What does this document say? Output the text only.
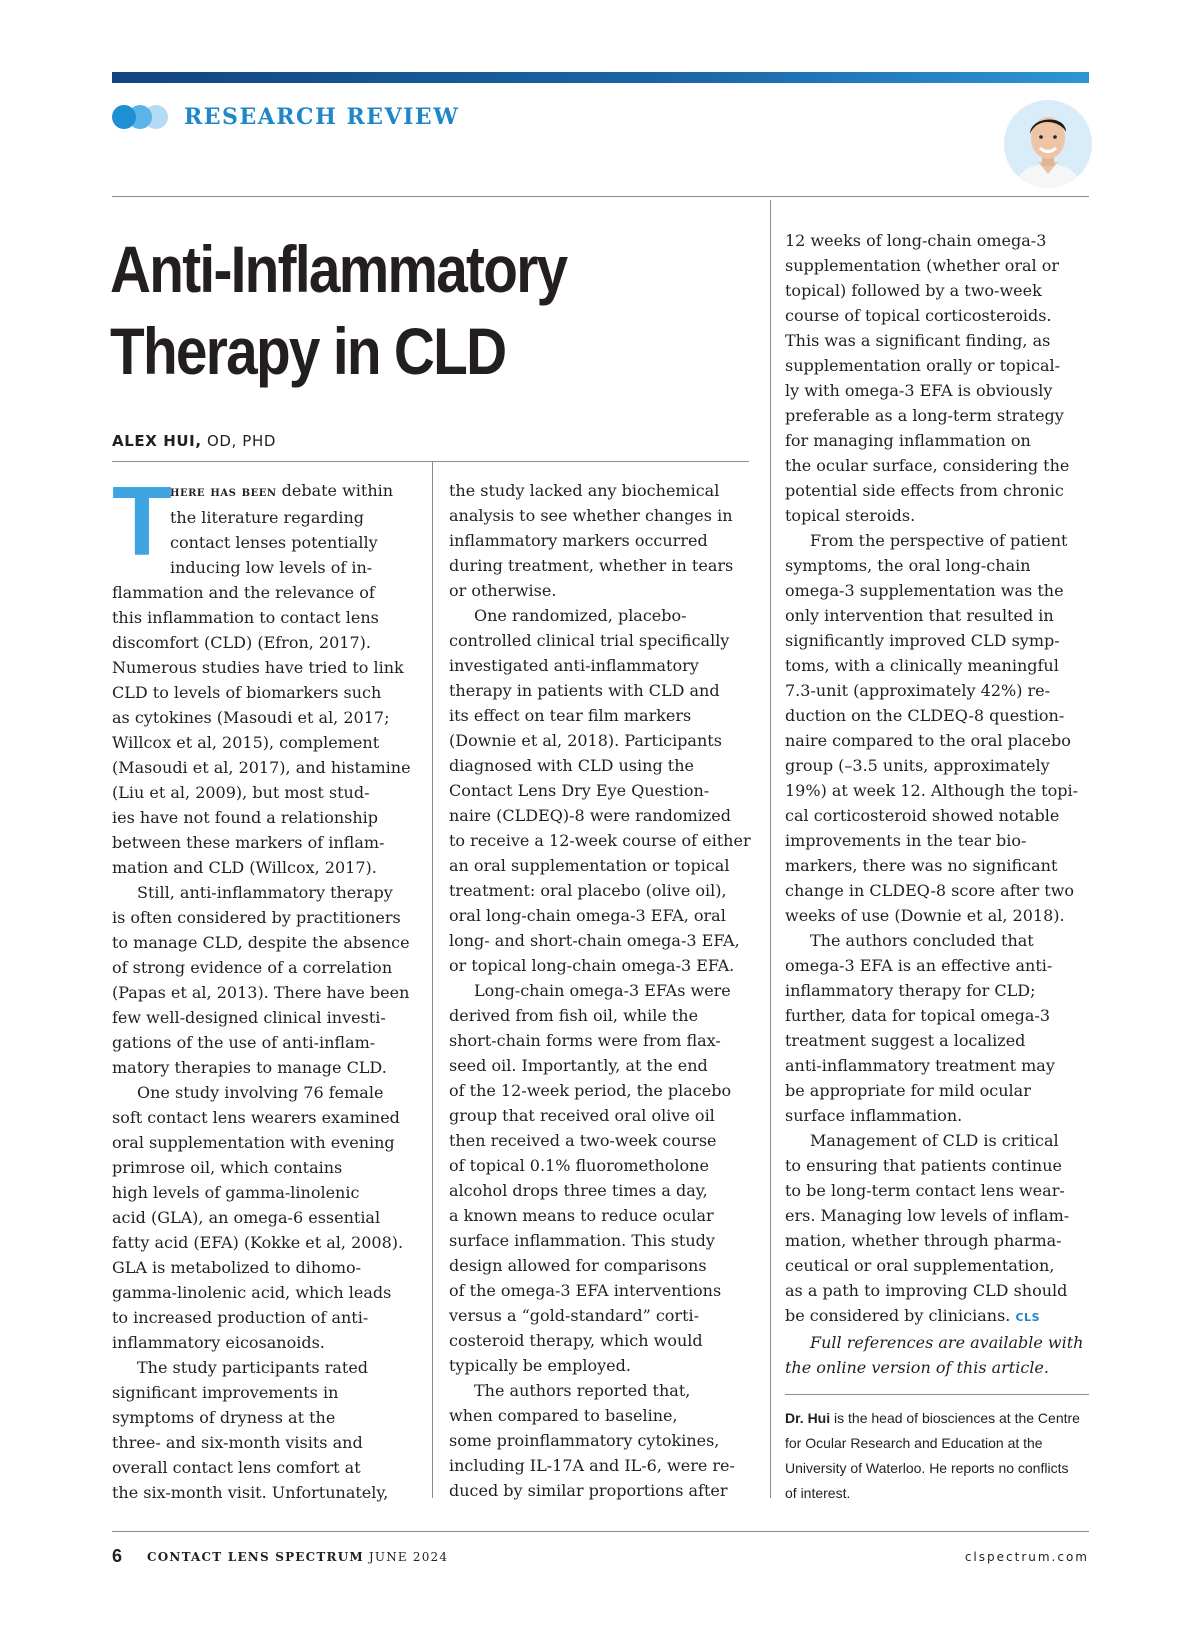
RESEARCH REVIEW
Anti-Inflammatory
Therapy in CLD
ALEX HUI, OD, PHD

T
here has been debate within
the literature regarding
contact lenses potentially
inducing low levels of in-
flammation and the relevance of
this inflammation to contact lens
discomfort (CLD) (Efron, 2017).
Numerous studies have tried to link
CLD to levels of biomarkers such
as cytokines (Masoudi et al, 2017;
Willcox et al, 2015), complement
(Masoudi et al, 2017), and histamine
(Liu et al, 2009), but most stud-
ies have not found a relationship
between these markers of inflam-
mation and CLD (Willcox, 2017).

Still, anti-inflammatory therapy
is often considered by practitioners
to manage CLD, despite the absence
of strong evidence of a correlation
(Papas et al, 2013). There have been
few well-designed clinical investi-
gations of the use of anti-inflam-
matory therapies to manage CLD.

One study involving 76 female
soft contact lens wearers examined
oral supplementation with evening
primrose oil, which contains
high levels of gamma-linolenic
acid (GLA), an omega-6 essential
fatty acid (EFA) (Kokke et al, 2008).
GLA is metabolized to dihomo-
gamma-linolenic acid, which leads
to increased production of anti-
inflammatory eicosanoids.

The study participants rated
significant improvements in
symptoms of dryness at the
three- and six-month visits and
overall contact lens comfort at
the six-month visit. Unfortunately,

the study lacked any biochemical
analysis to see whether changes in
inflammatory markers occurred
during treatment, whether in tears
or otherwise.

One randomized, placebo-
controlled clinical trial specifically
investigated anti-inflammatory
therapy in patients with CLD and
its effect on tear film markers
(Downie et al, 2018). Participants
diagnosed with CLD using the
Contact Lens Dry Eye Question-
naire (CLDEQ)-8 were randomized
to receive a 12-week course of either
an oral supplementation or topical
treatment: oral placebo (olive oil),
oral long-chain omega-3 EFA, oral
long- and short-chain omega-3 EFA,
or topical long-chain omega-3 EFA.

Long-chain omega-3 EFAs were
derived from fish oil, while the
short-chain forms were from flax-
seed oil. Importantly, at the end
of the 12-week period, the placebo
group that received oral olive oil
then received a two-week course
of topical 0.1% fluorometholone
alcohol drops three times a day,
a known means to reduce ocular
surface inflammation. This study
design allowed for comparisons
of the omega-3 EFA interventions
versus a “gold-standard” corti-
costeroid therapy, which would
typically be employed.

The authors reported that,
when compared to baseline,
some proinflammatory cytokines,
including IL-17A and IL-6, were re-
duced by similar proportions after

12 weeks of long-chain omega-3
supplementation (whether oral or
topical) followed by a two-week
course of topical corticosteroids.
This was a significant finding, as
supplementation orally or topical-
ly with omega-3 EFA is obviously
preferable as a long-term strategy
for managing inflammation on
the ocular surface, considering the
potential side effects from chronic
topical steroids.

From the perspective of patient
symptoms, the oral long-chain
omega-3 supplementation was the
only intervention that resulted in
significantly improved CLD symp-
toms, with a clinically meaningful
7.3-unit (approximately 42%) re-
duction on the CLDEQ-8 question-
naire compared to the oral placebo
group (–3.5 units, approximately
19%) at week 12. Although the topi-
cal corticosteroid showed notable
improvements in the tear bio-
markers, there was no significant
change in CLDEQ-8 score after two
weeks of use (Downie et al, 2018).

The authors concluded that
omega-3 EFA is an effective anti-
inflammatory therapy for CLD;
further, data for topical omega-3
treatment suggest a localized
anti-inflammatory treatment may
be appropriate for mild ocular
surface inflammation.

Management of CLD is critical
to ensuring that patients continue
to be long-term contact lens wear-
ers. Managing low levels of inflam-
mation, whether through pharma-
ceutical or oral supplementation,
as a path to improving CLD should
be considered by clinicians. CLS

Full references are available with
the online version of this article.

Dr. Hui is the head of biosciences at the Centre
for Ocular Research and Education at the
University of Waterloo. He reports no conflicts
of interest.
6 CONTACT LENS SPECTRUM JUNE 2024	clspectrum.com
